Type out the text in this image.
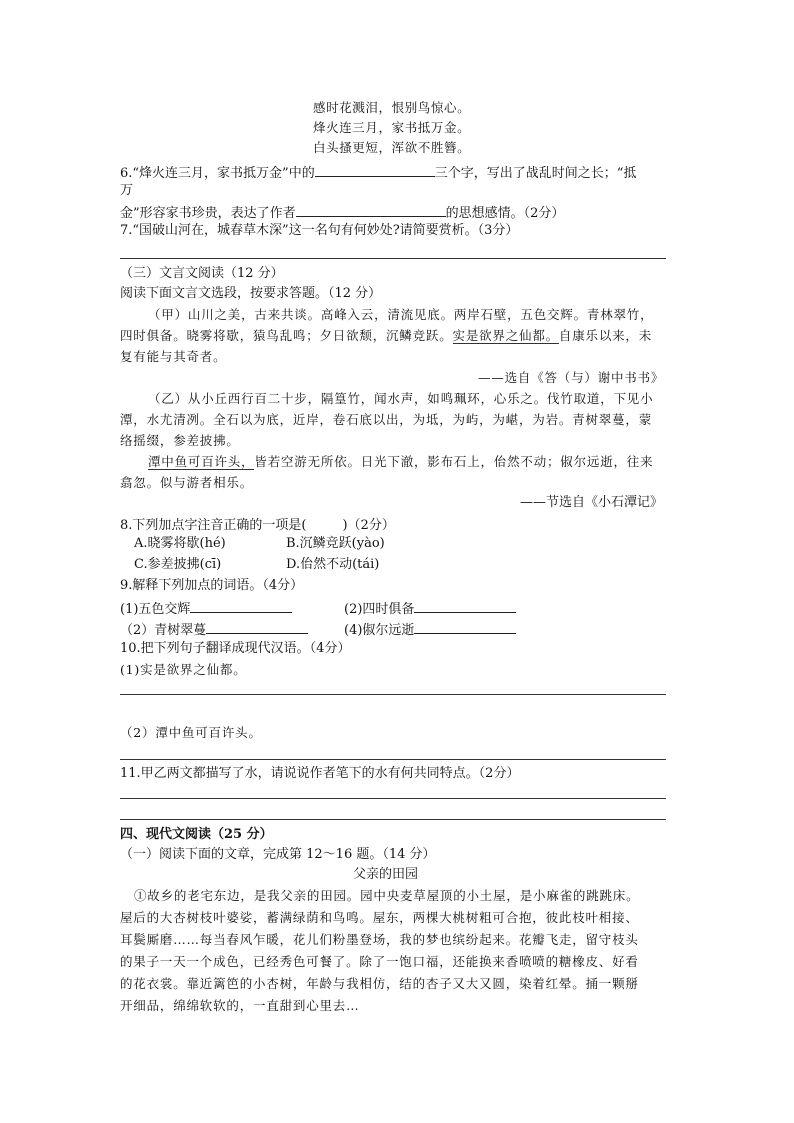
感时花溅泪，恨别鸟惊心。
烽火连三月，家书抵万金。
白头搔更短，浑欲不胜簪。
6.“烽火连三月，家书抵万金”中的	三个字，写出了战乱时间之长；“抵
万
金”形容家书珍贵，表达了作者	的思想感情。（2分）
7.“国破山河在，城春草木深”这一名句有何妙处?请简要赏析。（3分）
（三）文言文阅读（12 分）
阅读下面文言文选段，按要求答题。（12 分）
（甲）山川之美，古来共谈。高峰入云，清流见底。两岸石壁，五色交辉。青林翠竹，
四时俱备。晓雾将歇，猿鸟乱鸣；夕日欲颓，沉鳞竞跃。实是欲界之仙都。自康乐以来，未
复有能与其奇者。
——选自《答（与）谢中书书》
（乙）从小丘西行百二十步，隔篁竹，闻水声，如鸣珮环，心乐之。伐竹取道，下见小
潭，水尤清冽。全石以为底，近岸，卷石底以出，为坻，为屿，为嵁，为岩。青树翠蔓，蒙
络摇缀，参差披拂。
潭中鱼可百许头，皆若空游无所依。日光下澈，影布石上，佁然不动；俶尔远逝，往来
翕忽。似与游者相乐。
——节选自《小石潭记》
8.下列加点字注音正确的一项是(	)（2分）
A.晓雾将歇(hé)	B.沉鳞竞跃(yào)
C.参差披拂(cī)	D.佁然不动(tái)
9.解释下列加点的词语。（4分）
(1)五色交辉	(2)四时俱备
（2）青树翠蔓	(4)俶尔远逝
10.把下列句子翻译成现代汉语。（4分）
(1)实是欲界之仙都。
（2）潭中鱼可百许头。
11.甲乙两文都描写了水，请说说作者笔下的水有何共同特点。（2分）
四、现代文阅读（25 分）
（一）阅读下面的文章，完成第 12～16 题。（14 分）
父亲的田园
①故乡的老宅东边，是我父亲的田园。园中央麦草屋顶的小土屋，是小麻雀的跳跳床。
屋后的大杏树枝叶婆娑，蓄满绿荫和鸟鸣。屋东，两棵大桃树粗可合抱，彼此枝叶相接、
耳鬓厮磨……每当春风乍暖，花儿们粉墨登场，我的梦也缤纷起来。花瓣飞走，留守枝头
的果子一天一个成色，已经秀色可餐了。除了一饱口福，还能换来香喷喷的糖橡皮、好看
的花衣裳。靠近篱笆的小杏树，年龄与我相仿，结的杏子又大又圆，染着红晕。捅一颗掰
开细品，绵绵软软的，一直甜到心里去…
